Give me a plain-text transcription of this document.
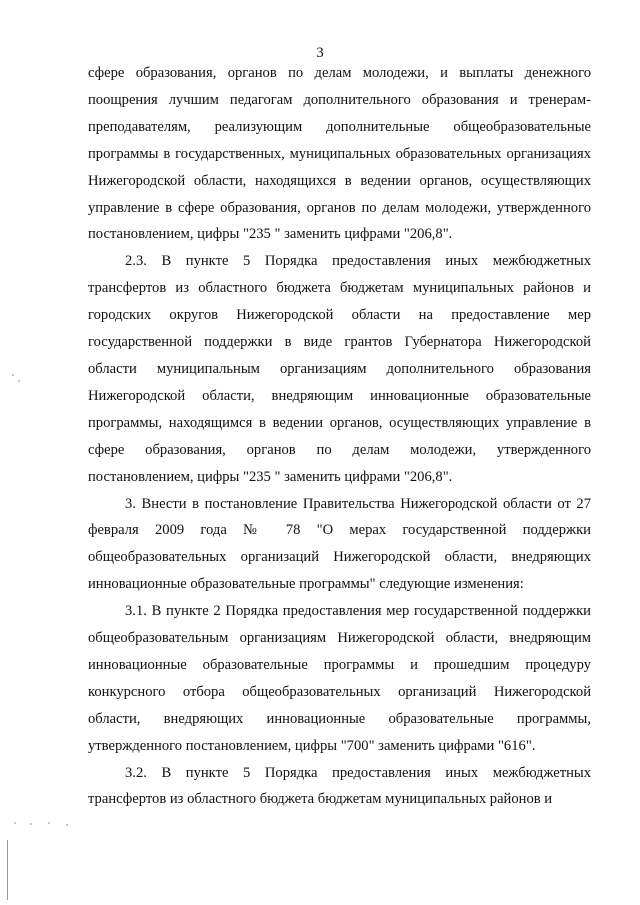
3

сфере образования, органов по делам молодежи, и выплаты денежного поощрения лучшим педагогам дополнительного образования и тренерам-преподавателям, реализующим дополнительные общеобразовательные программы в государственных, муниципальных образовательных организациях Нижегородской области, находящихся в ведении органов, осуществляющих управление в сфере образования, органов по делам молодежи, утвержденного постановлением, цифры "235 " заменить цифрами "206,8".

2.3. В пункте 5 Порядка предоставления иных межбюджетных трансфертов из областного бюджета бюджетам муниципальных районов и городских округов Нижегородской области на предоставление мер государственной поддержки в виде грантов Губернатора Нижегородской области муниципальным организациям дополнительного образования Нижегородской области, внедряющим инновационные образовательные программы, находящимся в ведении органов, осуществляющих управление в сфере образования, органов по делам молодежи, утвержденного постановлением, цифры "235 " заменить цифрами "206,8".

3. Внести в постановление Правительства Нижегородской области от 27 февраля 2009 года № 78 "О мерах государственной поддержки общеобразовательных организаций Нижегородской области, внедряющих инновационные образовательные программы" следующие изменения:

3.1. В пункте 2 Порядка предоставления мер государственной поддержки общеобразовательным организациям Нижегородской области, внедряющим инновационные образовательные программы и прошедшим процедуру конкурсного отбора общеобразовательных организаций Нижегородской области, внедряющих инновационные образовательные программы, утвержденного постановлением, цифры "700" заменить цифрами "616".

3.2. В пункте 5 Порядка предоставления иных межбюджетных трансфертов из областного бюджета бюджетам муниципальных районов и
